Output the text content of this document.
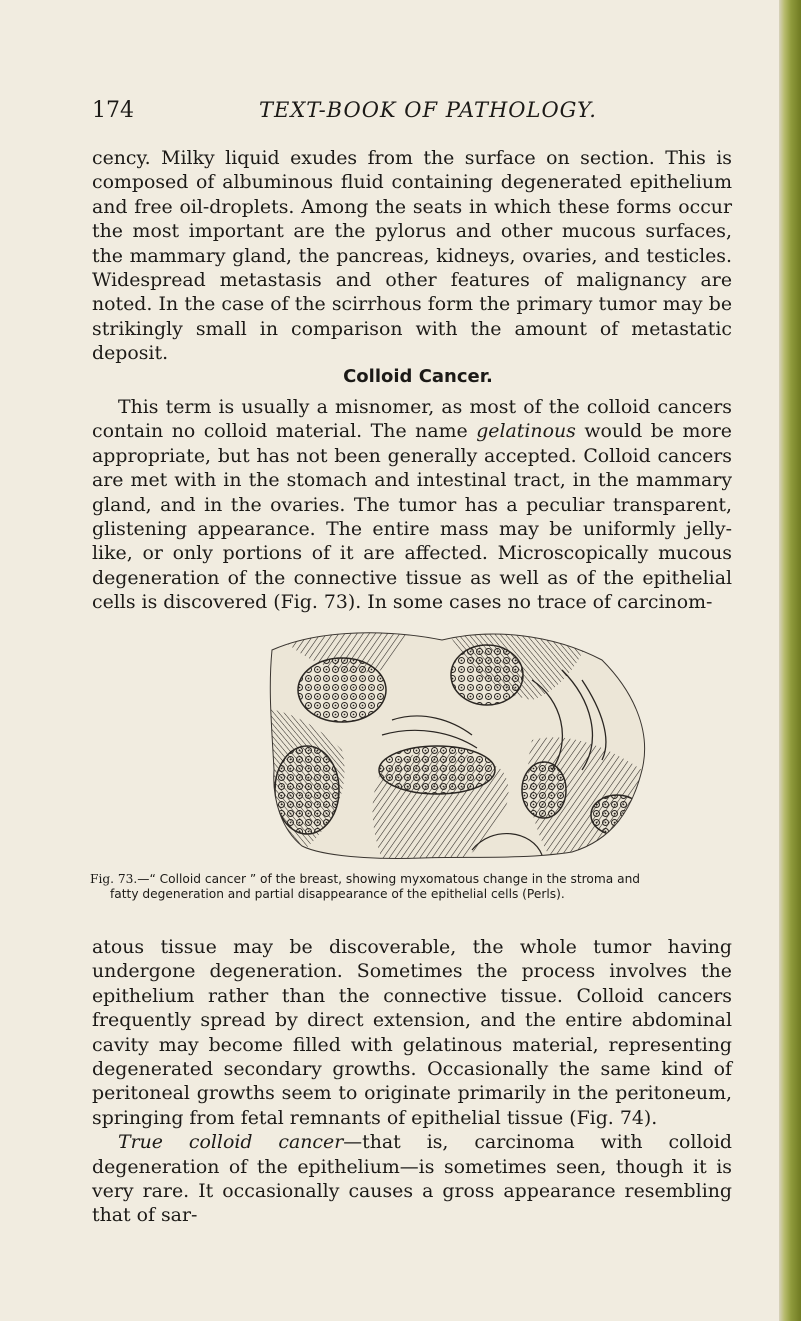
174	TEXT-BOOK OF PATHOLOGY.

cency. Milky liquid exudes from the surface on section. This is composed of albuminous fluid containing degenerated epithelium and free oil-droplets. Among the seats in which these forms occur the most important are the pylorus and other mucous surfaces, the mammary gland, the pancreas, kidneys, ovaries, and testicles. Widespread metastasis and other features of malignancy are noted. In the case of the scirrhous form the primary tumor may be strikingly small in comparison with the amount of metastatic deposit.

Colloid Cancer.

This term is usually a misnomer, as most of the colloid cancers contain no colloid material. The name gelatinous would be more appropriate, but has not been generally accepted. Colloid cancers are met with in the stomach and intestinal tract, in the mammary gland, and in the ovaries. The tumor has a peculiar transparent, glistening appearance. The entire mass may be uniformly jelly-like, or only portions of it are affected. Microscopically mucous degeneration of the connective tissue as well as of the epithelial cells is discovered (Fig. 73). In some cases no trace of carcinom-

Fig. 73.—“ Colloid cancer ” of the breast, showing myxomatous change in the stroma and
fatty degeneration and partial disappearance of the epithelial cells (Perls).

atous tissue may be discoverable, the whole tumor having undergone degeneration. Sometimes the process involves the epithelium rather than the connective tissue. Colloid cancers frequently spread by direct extension, and the entire abdominal cavity may become filled with gelatinous material, representing degenerated secondary growths. Occasionally the same kind of peritoneal growths seem to originate primarily in the peritoneum, springing from fetal remnants of epithelial tissue (Fig. 74).

True colloid cancer—that is, carcinoma with colloid degeneration of the epithelium—is sometimes seen, though it is very rare. It occasionally causes a gross appearance resembling that of sar-
